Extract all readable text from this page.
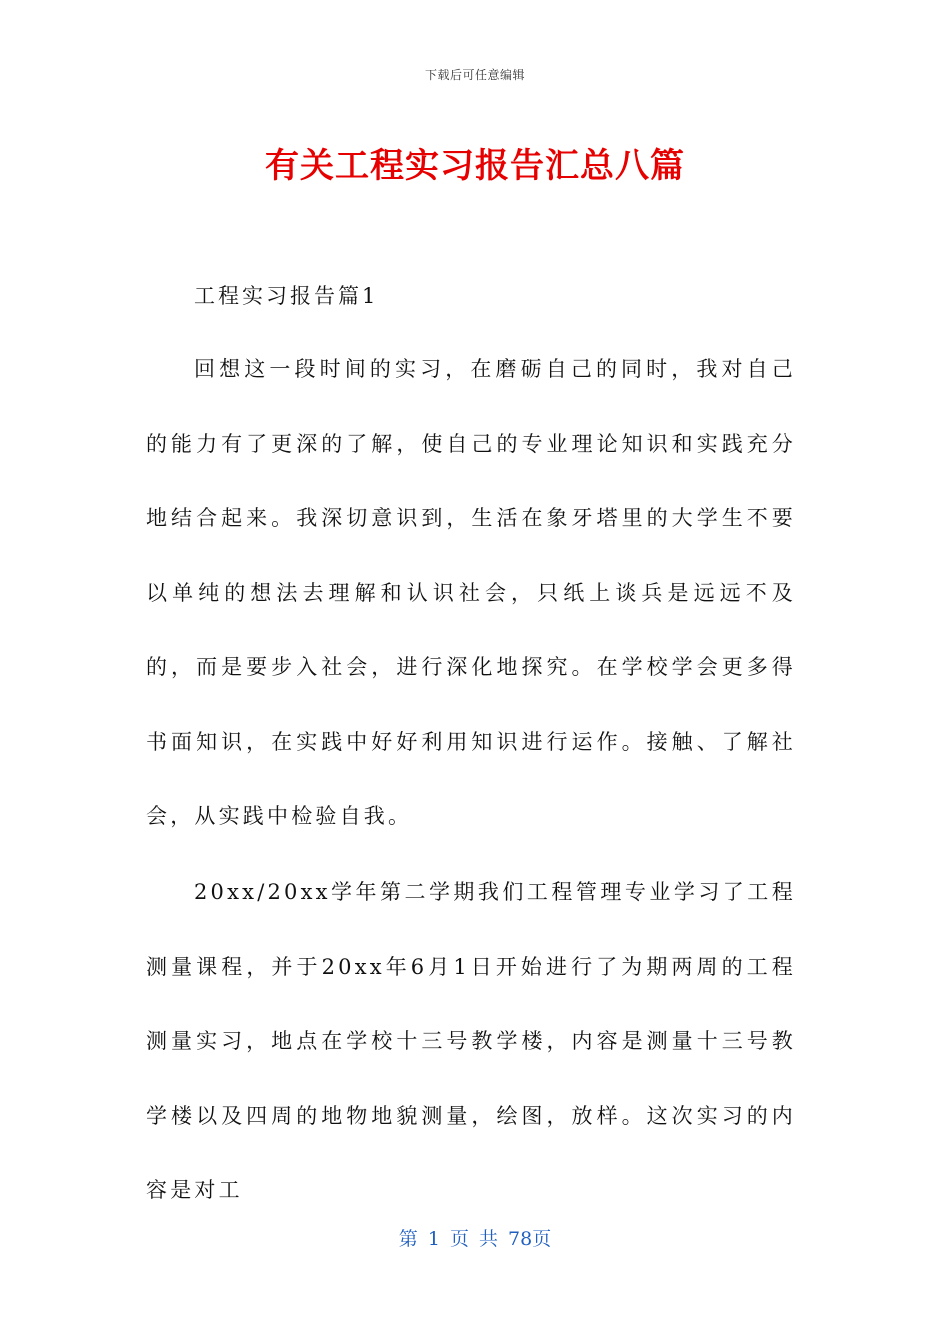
下载后可任意编辑
有关工程实习报告汇总八篇
工程实习报告篇1

回想这一段时间的实习，在磨砺自己的同时，我对自己的能力有了更深的了解，使自己的专业理论知识和实践充分地结合起来。我深切意识到，生活在象牙塔里的大学生不要以单纯的想法去理解和认识社会，只纸上谈兵是远远不及的，而是要步入社会，进行深化地探究。在学校学会更多得书面知识，在实践中好好利用知识进行运作。接触、了解社会，从实践中检验自我。

20xx/20xx学年第二学期我们工程管理专业学习了工程测量课程，并于20xx年6月1日开始进行了为期两周的工程测量实习，地点在学校十三号教学楼，内容是测量十三号教学楼以及四周的地物地貌测量，绘图，放样。这次实习的内容是对工

第 1 页 共 78页
